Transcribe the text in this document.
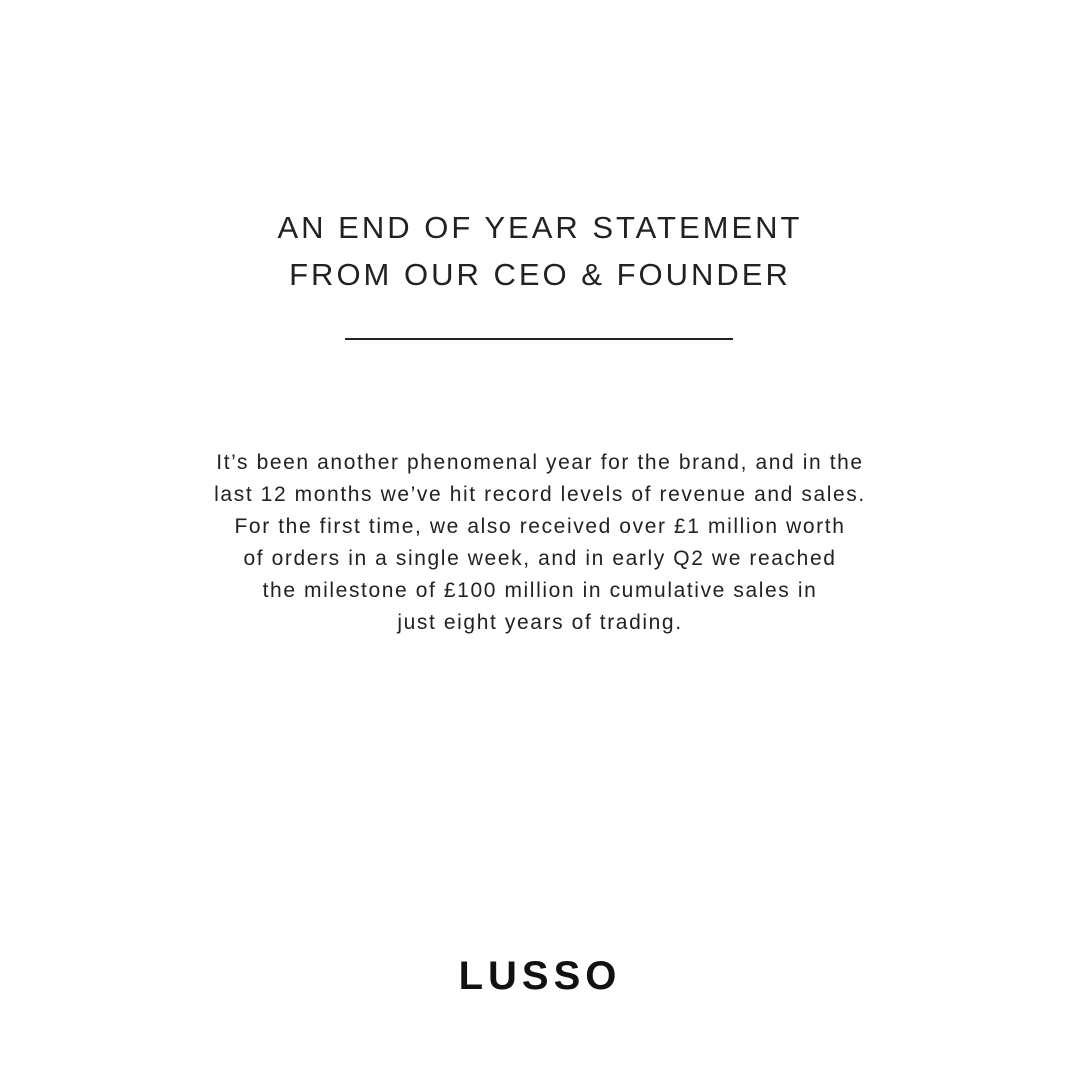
AN END OF YEAR STATEMENT
FROM OUR CEO & FOUNDER
It’s been another phenomenal year for the brand, and in the
last 12 months we’ve hit record levels of revenue and sales.
For the first time, we also received over £1 million worth
of orders in a single week, and in early Q2 we reached
the milestone of £100 million in cumulative sales in
just eight years of trading.
LUSSO
